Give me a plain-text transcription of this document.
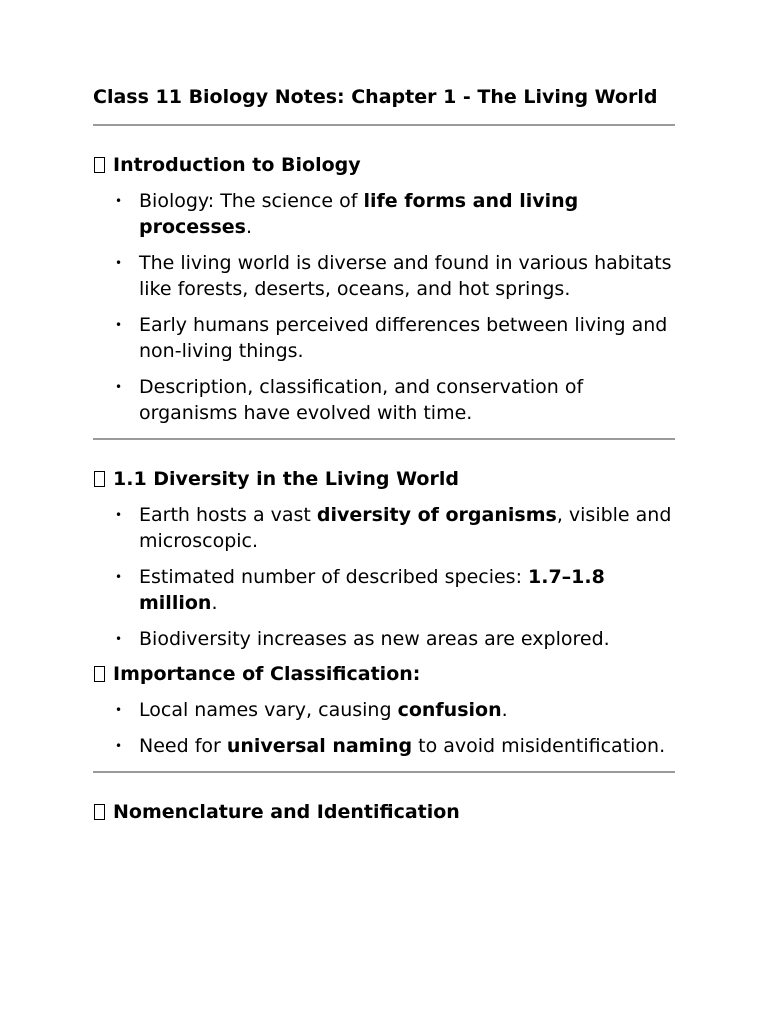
Class 11 Biology Notes: Chapter 1 - The Living World
Introduction to Biology
• Biology: The science of life forms and living processes.
• The living world is diverse and found in various habitats like forests, deserts, oceans, and hot springs.
• Early humans perceived differences between living and non-living things.
• Description, classification, and conservation of organisms have evolved with time.
1.1 Diversity in the Living World
• Earth hosts a vast diversity of organisms, visible and microscopic.
• Estimated number of described species: 1.7–1.8 million.
• Biodiversity increases as new areas are explored.
Importance of Classification:
• Local names vary, causing confusion.
• Need for universal naming to avoid misidentification.
Nomenclature and Identification
